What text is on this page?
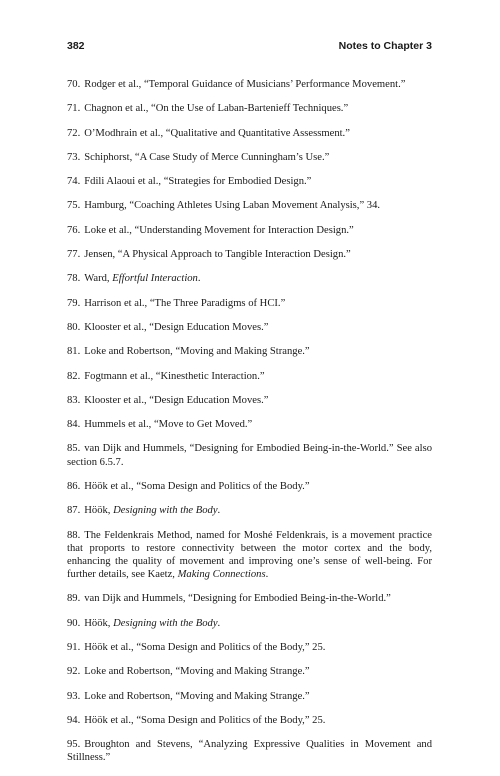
382	Notes to Chapter 3

70. Rodger et al., “Temporal Guidance of Musicians’ Performance Movement.”

71. Chagnon et al., “On the Use of Laban-Bartenieff Techniques.”

72. O’Modhrain et al., “Qualitative and Quantitative Assessment.”

73. Schiphorst, “A Case Study of Merce Cunningham’s Use.”

74. Fdili Alaoui et al., “Strategies for Embodied Design.”

75. Hamburg, “Coaching Athletes Using Laban Movement Analysis,” 34.

76. Loke et al., “Understanding Movement for Interaction Design.”

77. Jensen, “A Physical Approach to Tangible Interaction Design.”

78. Ward, Effortful Interaction.

79. Harrison et al., “The Three Paradigms of HCI.”

80. Klooster et al., “Design Education Moves.”

81. Loke and Robertson, “Moving and Making Strange.”

82. Fogtmann et al., “Kinesthetic Interaction.”

83. Klooster et al., “Design Education Moves.”

84. Hummels et al., “Move to Get Moved.”

85. van Dijk and Hummels, “Designing for Embodied Being-in-the-World.” See also section 6.5.7.

86. Höök et al., “Soma Design and Politics of the Body.”

87. Höök, Designing with the Body.

88. The Feldenkrais Method, named for Moshé Feldenkrais, is a movement practice that proports to restore connectivity between the motor cortex and the body, enhancing the quality of movement and improving one’s sense of well-being. For further details, see Kaetz, Making Connections.

89. van Dijk and Hummels, “Designing for Embodied Being-in-the-World.”

90. Höök, Designing with the Body.

91. Höök et al., “Soma Design and Politics of the Body,” 25.

92. Loke and Robertson, “Moving and Making Strange.”

93. Loke and Robertson, “Moving and Making Strange.”

94. Höök et al., “Soma Design and Politics of the Body,” 25.

95. Broughton and Stevens, “Analyzing Expressive Qualities in Movement and Stillness.”
